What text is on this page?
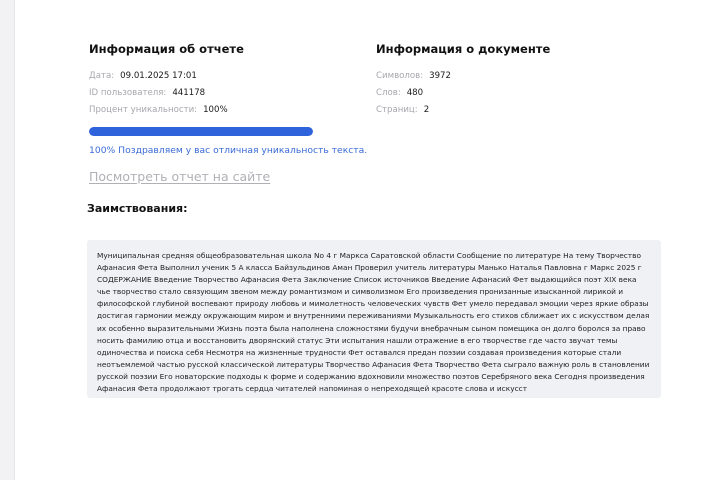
Информация об отчете
Дата: 09.01.2025 17:01
ID пользователя: 441178
Процент уникальности: 100%
100% Поздравляем у вас отличная уникальность текста.
Посмотреть отчет на сайте
Информация о документе
Символов: 3972
Слов: 480
Страниц: 2
Заимствования:

Муниципальная средняя общеобразовательная школа No 4 г Маркса Саратовской области Сообщение по литературе На тему Творчество Афанасия Фета Выполнил ученик 5 А класса Байзульдинов Аман Проверил учитель литературы Манько Наталья Павловна г Маркс 2025 г СОДЕРЖАНИЕ Введение Творчество Афанасия Фета Заключение Список источников Введение Афанасий Фет выдающийся поэт XIX века чье творчество стало связующим звеном между романтизмом и символизмом Его произведения пронизанные изысканной лирикой и философской глубиной воспевают природу любовь и мимолетность человеческих чувств Фет умело передавал эмоции через яркие образы достигая гармонии между окружающим миром и внутренними переживаниями Музыкальность его стихов сближает их с искусством делая их особенно выразительными Жизнь поэта была наполнена сложностями будучи внебрачным сыном помещика он долго боролся за право носить фамилию отца и восстановить дворянский статус Эти испытания нашли отражение в его творчестве где часто звучат темы одиночества и поиска себя Несмотря на жизненные трудности Фет оставался предан поэзии создавая произведения которые стали неотъемлемой частью русской классической литературы Творчество Афанасия Фета Творчество Фета сыграло важную роль в становлении русской поэзии Его новаторские подходы к форме и содержанию вдохновили множество поэтов Серебряного века Сегодня произведения Афанасия Фета продолжают трогать сердца читателей напоминая о непреходящей красоте слова и искусст
